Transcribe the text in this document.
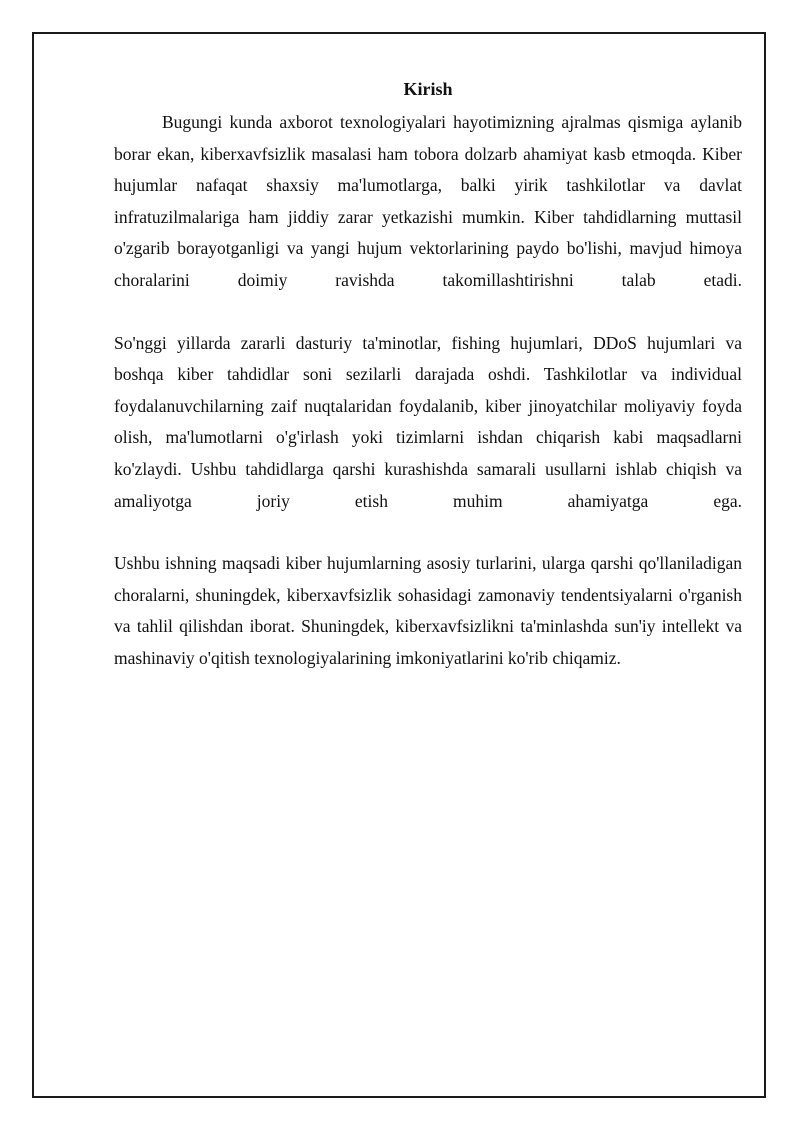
Kirish

Bugungi kunda axborot texnologiyalari hayotimizning ajralmas qismiga aylanib borar ekan, kiberxavfsizlik masalasi ham tobora dolzarb ahamiyat kasb etmoqda. Kiber hujumlar nafaqat shaxsiy ma'lumotlarga, balki yirik tashkilotlar va davlat infratuzilmalariga ham jiddiy zarar yetkazishi mumkin. Kiber tahdidlarning muttasil o'zgarib borayotganligi va yangi hujum vektorlarining paydo bo'lishi, mavjud himoya choralarini doimiy ravishda takomillashtirishni talab etadi.

So'nggi yillarda zararli dasturiy ta'minotlar, fishing hujumlari, DDoS hujumlari va boshqa kiber tahdidlar soni sezilarli darajada oshdi. Tashkilotlar va individual foydalanuvchilarning zaif nuqtalaridan foydalanib, kiber jinoyatchilar moliyaviy foyda olish, ma'lumotlarni o'g'irlash yoki tizimlarni ishdan chiqarish kabi maqsadlarni ko'zlaydi. Ushbu tahdidlarga qarshi kurashishda samarali usullarni ishlab chiqish va amaliyotga joriy etish muhim ahamiyatga ega.

Ushbu ishning maqsadi kiber hujumlarning asosiy turlarini, ularga qarshi qo'llaniladigan choralarni, shuningdek, kiberxavfsizlik sohasidagi zamonaviy tendentsiyalarni o'rganish va tahlil qilishdan iborat. Shuningdek, kiberxavfsizlikni ta'minlashda sun'iy intellekt va mashinaviy o'qitish texnologiyalarining imkoniyatlarini ko'rib chiqamiz.
